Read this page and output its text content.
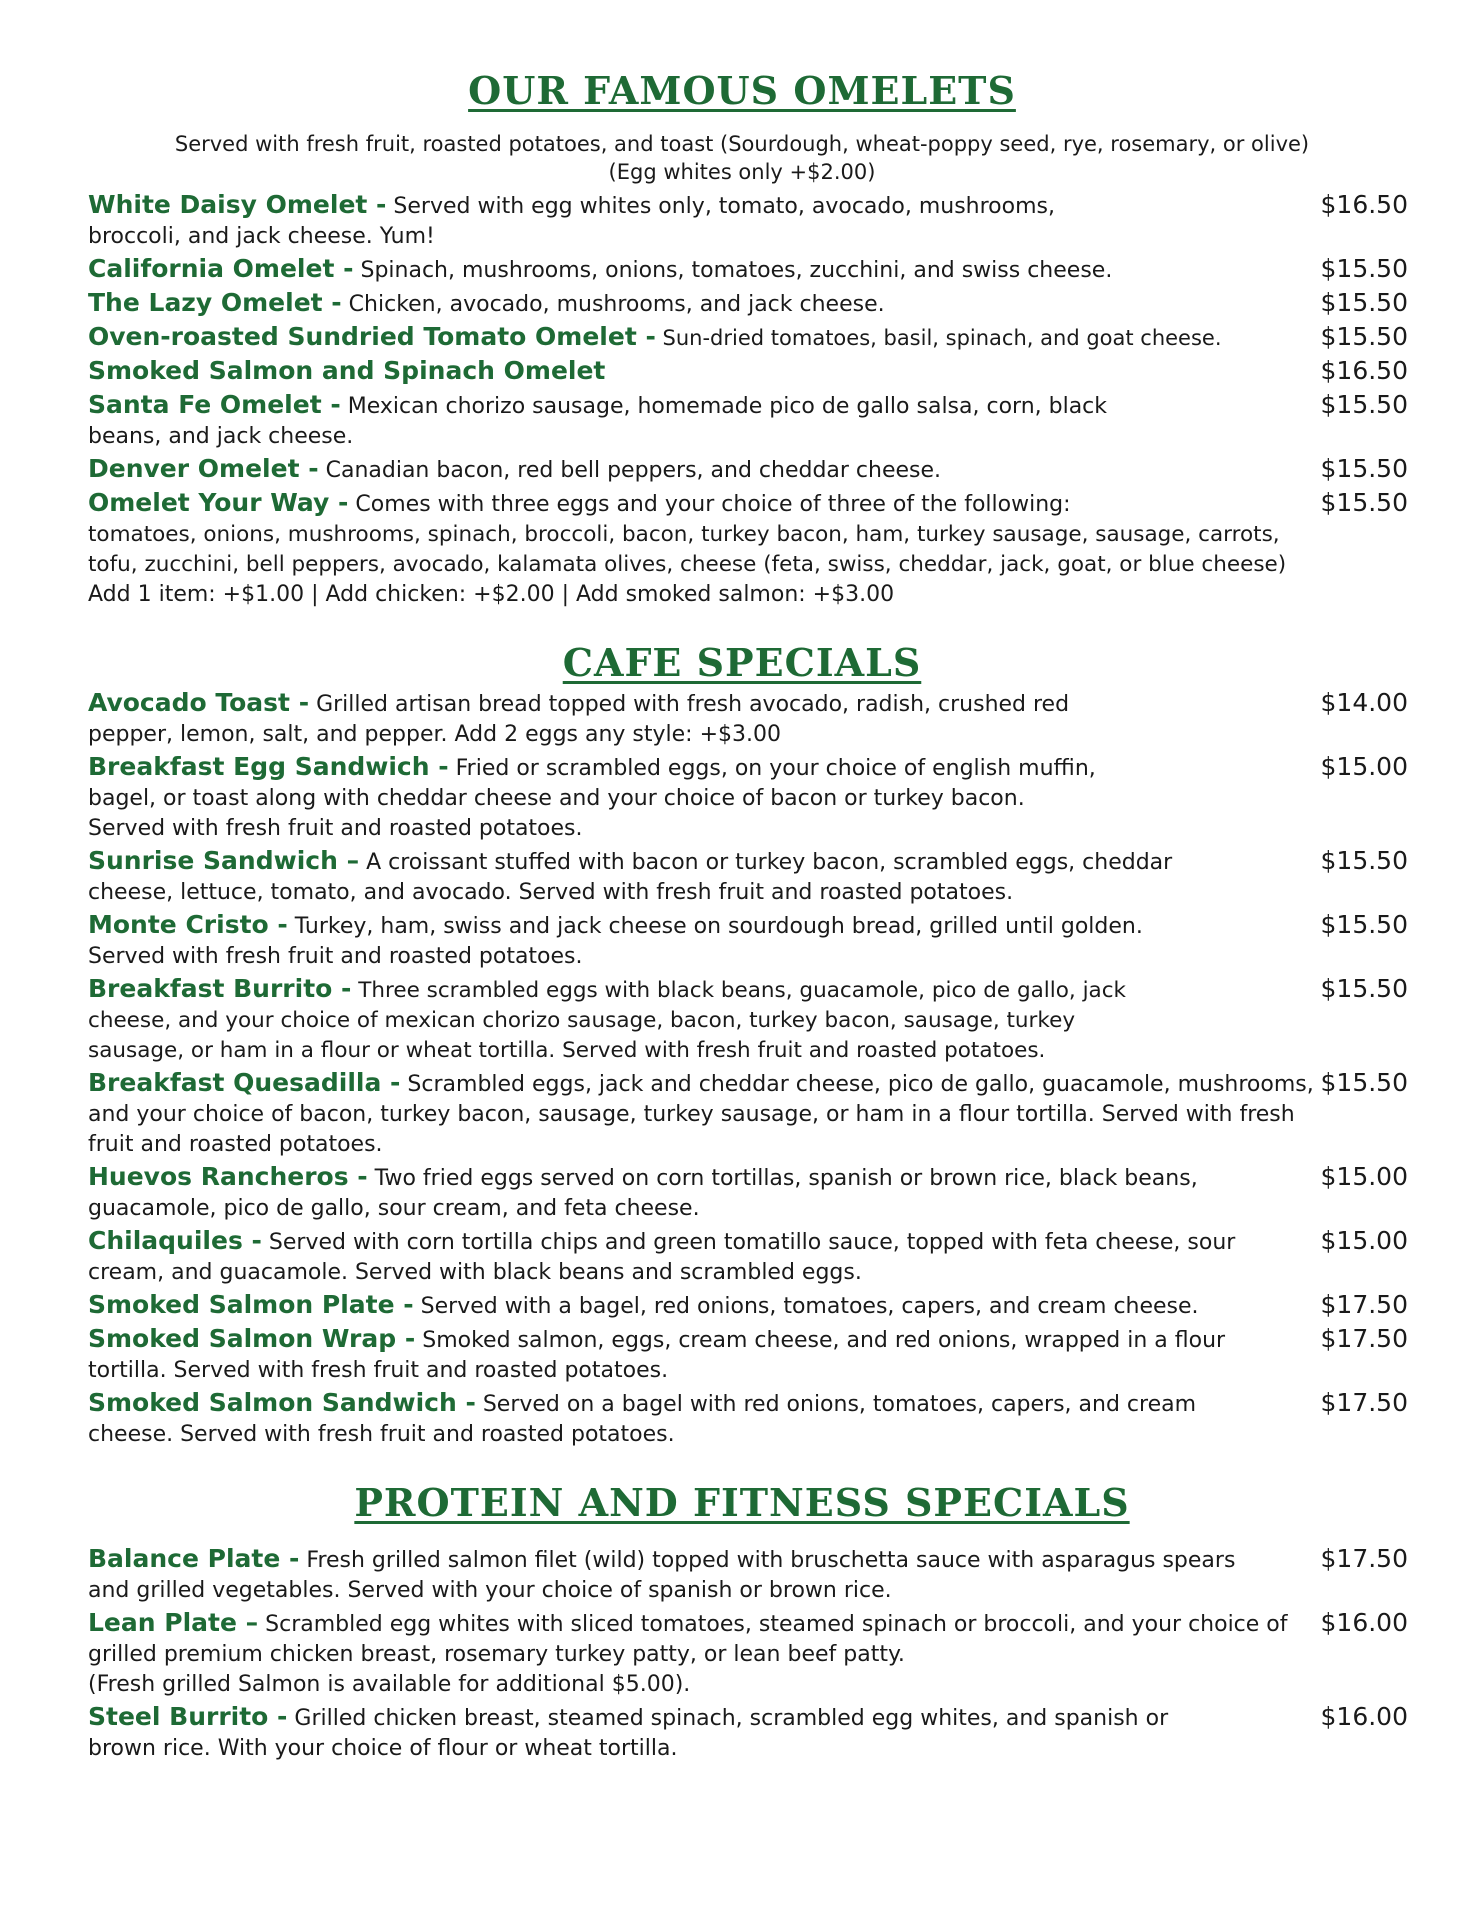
OUR FAMOUS OMELETS
Served with fresh fruit, roasted potatoes, and toast (Sourdough, wheat-poppy seed, rye, rosemary, or olive)
(Egg whites only +$2.00)
White Daisy Omelet - Served with egg whites only, tomato, avocado, mushrooms, broccoli, and jack cheese. Yum!
$16.50
California Omelet - Spinach, mushrooms, onions, tomatoes, zucchini, and swiss cheese.	$15.50
The Lazy Omelet - Chicken, avocado, mushrooms, and jack cheese.	$15.50
Oven-roasted Sundried Tomato Omelet - Sun-dried tomatoes, basil, spinach, and goat cheese.	$15.50
Smoked Salmon and Spinach Omelet	$16.50
Santa Fe Omelet - Mexican chorizo sausage, homemade pico de gallo salsa, corn, black beans, and jack cheese.
$15.50
Denver Omelet - Canadian bacon, red bell peppers, and cheddar cheese.	$15.50
Omelet Your Way - Comes with three eggs and your choice of three of the following:
tomatoes, onions, mushrooms, spinach, broccoli, bacon, turkey bacon, ham, turkey sausage, sausage, carrots,
tofu, zucchini, bell peppers, avocado, kalamata olives, cheese (feta, swiss, cheddar, jack, goat, or blue cheese)
Add 1 item: +$1.00 | Add chicken: +$2.00 | Add smoked salmon: +$3.00
$15.50
CAFE SPECIALS
Avocado Toast - Grilled artisan bread topped with fresh avocado, radish, crushed red pepper, lemon, salt, and pepper. Add 2 eggs any style: +$3.00
$14.00
Breakfast Egg Sandwich - Fried or scrambled eggs, on your choice of english muffin, bagel, or toast along with cheddar cheese and your choice of bacon or turkey bacon. Served with fresh fruit and roasted potatoes.
$15.00
Sunrise Sandwich – A croissant stuffed with bacon or turkey bacon, scrambled eggs, cheddar cheese, lettuce, tomato, and avocado. Served with fresh fruit and roasted potatoes.
$15.50
Monte Cristo - Turkey, ham, swiss and jack cheese on sourdough bread, grilled until golden. Served with fresh fruit and roasted potatoes.
$15.50
Breakfast Burrito - Three scrambled eggs with black beans, guacamole, pico de gallo, jack cheese, and your choice of mexican chorizo sausage, bacon, turkey bacon, sausage, turkey sausage, or ham in a flour or wheat tortilla. Served with fresh fruit and roasted potatoes.
$15.50
Breakfast Quesadilla - Scrambled eggs, jack and cheddar cheese, pico de gallo, guacamole, mushrooms, and your choice of bacon, turkey bacon, sausage, turkey sausage, or ham in a flour tortilla. Served with fresh fruit and roasted potatoes.
$15.50
Huevos Rancheros - Two fried eggs served on corn tortillas, spanish or brown rice, black beans, guacamole, pico de gallo, sour cream, and feta cheese.
$15.00
Chilaquiles - Served with corn tortilla chips and green tomatillo sauce, topped with feta cheese, sour cream, and guacamole. Served with black beans and scrambled eggs.
$15.00
Smoked Salmon Plate - Served with a bagel, red onions, tomatoes, capers, and cream cheese.	$17.50
Smoked Salmon Wrap - Smoked salmon, eggs, cream cheese, and red onions, wrapped in a flour tortilla. Served with fresh fruit and roasted potatoes.
$17.50
Smoked Salmon Sandwich - Served on a bagel with red onions, tomatoes, capers, and cream cheese. Served with fresh fruit and roasted potatoes.
$17.50
PROTEIN AND FITNESS SPECIALS
Balance Plate - Fresh grilled salmon filet (wild) topped with bruschetta sauce with asparagus spears and grilled vegetables. Served with your choice of spanish or brown rice.
$17.50
Lean Plate – Scrambled egg whites with sliced tomatoes, steamed spinach or broccoli, and your choice of grilled premium chicken breast, rosemary turkey patty, or lean beef patty.
(Fresh grilled Salmon is available for additional $5.00).
$16.00
Steel Burrito - Grilled chicken breast, steamed spinach, scrambled egg whites, and spanish or brown rice. With your choice of flour or wheat tortilla.
$16.00
